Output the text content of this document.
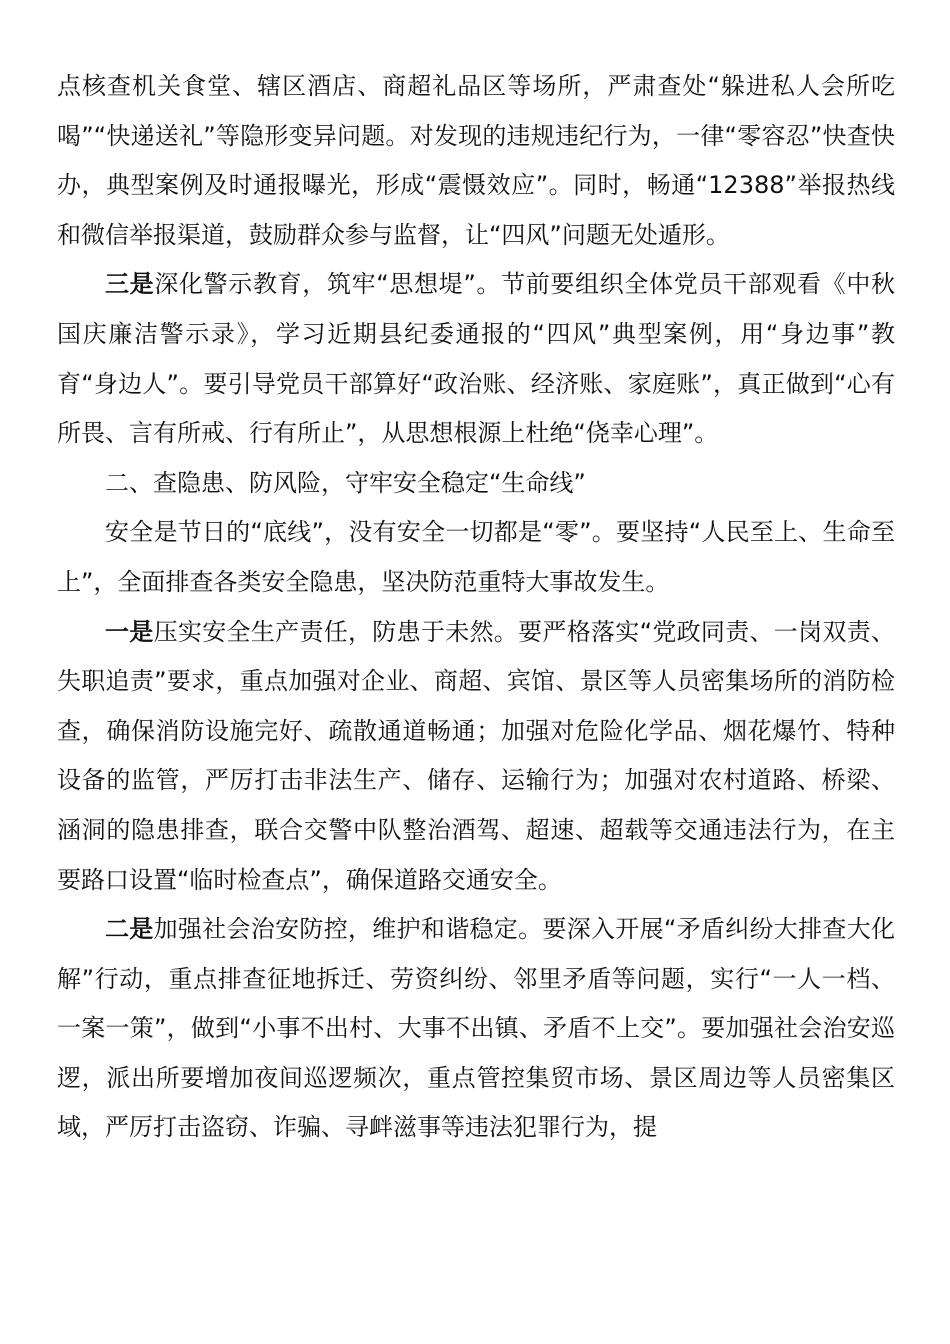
点核查机关食堂、辖区酒店、商超礼品区等场所，严肃查处“躲进私人会所吃喝”“快递送礼”等隐形变异问题。对发现的违规违纪行为，一律“零容忍”快查快办，典型案例及时通报曝光，形成“震慑效应”。同时，畅通“12388”举报热线和微信举报渠道，鼓励群众参与监督，让“四风”问题无处遁形。

三是深化警示教育，筑牢“思想堤”。节前要组织全体党员干部观看《中秋国庆廉洁警示录》，学习近期县纪委通报的“四风”典型案例，用“身边事”教育“身边人”。要引导党员干部算好“政治账、经济账、家庭账”，真正做到“心有所畏、言有所戒、行有所止”，从思想根源上杜绝“侥幸心理”。

二、查隐患、防风险，守牢安全稳定“生命线”

安全是节日的“底线”，没有安全一切都是“零”。要坚持“人民至上、生命至上”，全面排查各类安全隐患，坚决防范重特大事故发生。

一是压实安全生产责任，防患于未然。要严格落实“党政同责、一岗双责、失职追责”要求，重点加强对企业、商超、宾馆、景区等人员密集场所的消防检查，确保消防设施完好、疏散通道畅通；加强对危险化学品、烟花爆竹、特种设备的监管，严厉打击非法生产、储存、运输行为；加强对农村道路、桥梁、涵洞的隐患排查，联合交警中队整治酒驾、超速、超载等交通违法行为，在主要路口设置“临时检查点”，确保道路交通安全。

二是加强社会治安防控，维护和谐稳定。要深入开展“矛盾纠纷大排查大化解”行动，重点排查征地拆迁、劳资纠纷、邻里矛盾等问题，实行“一人一档、一案一策”，做到“小事不出村、大事不出镇、矛盾不上交”。要加强社会治安巡逻，派出所要增加夜间巡逻频次，重点管控集贸市场、景区周边等人员密集区域，严厉打击盗窃、诈骗、寻衅滋事等违法犯罪行为，提
